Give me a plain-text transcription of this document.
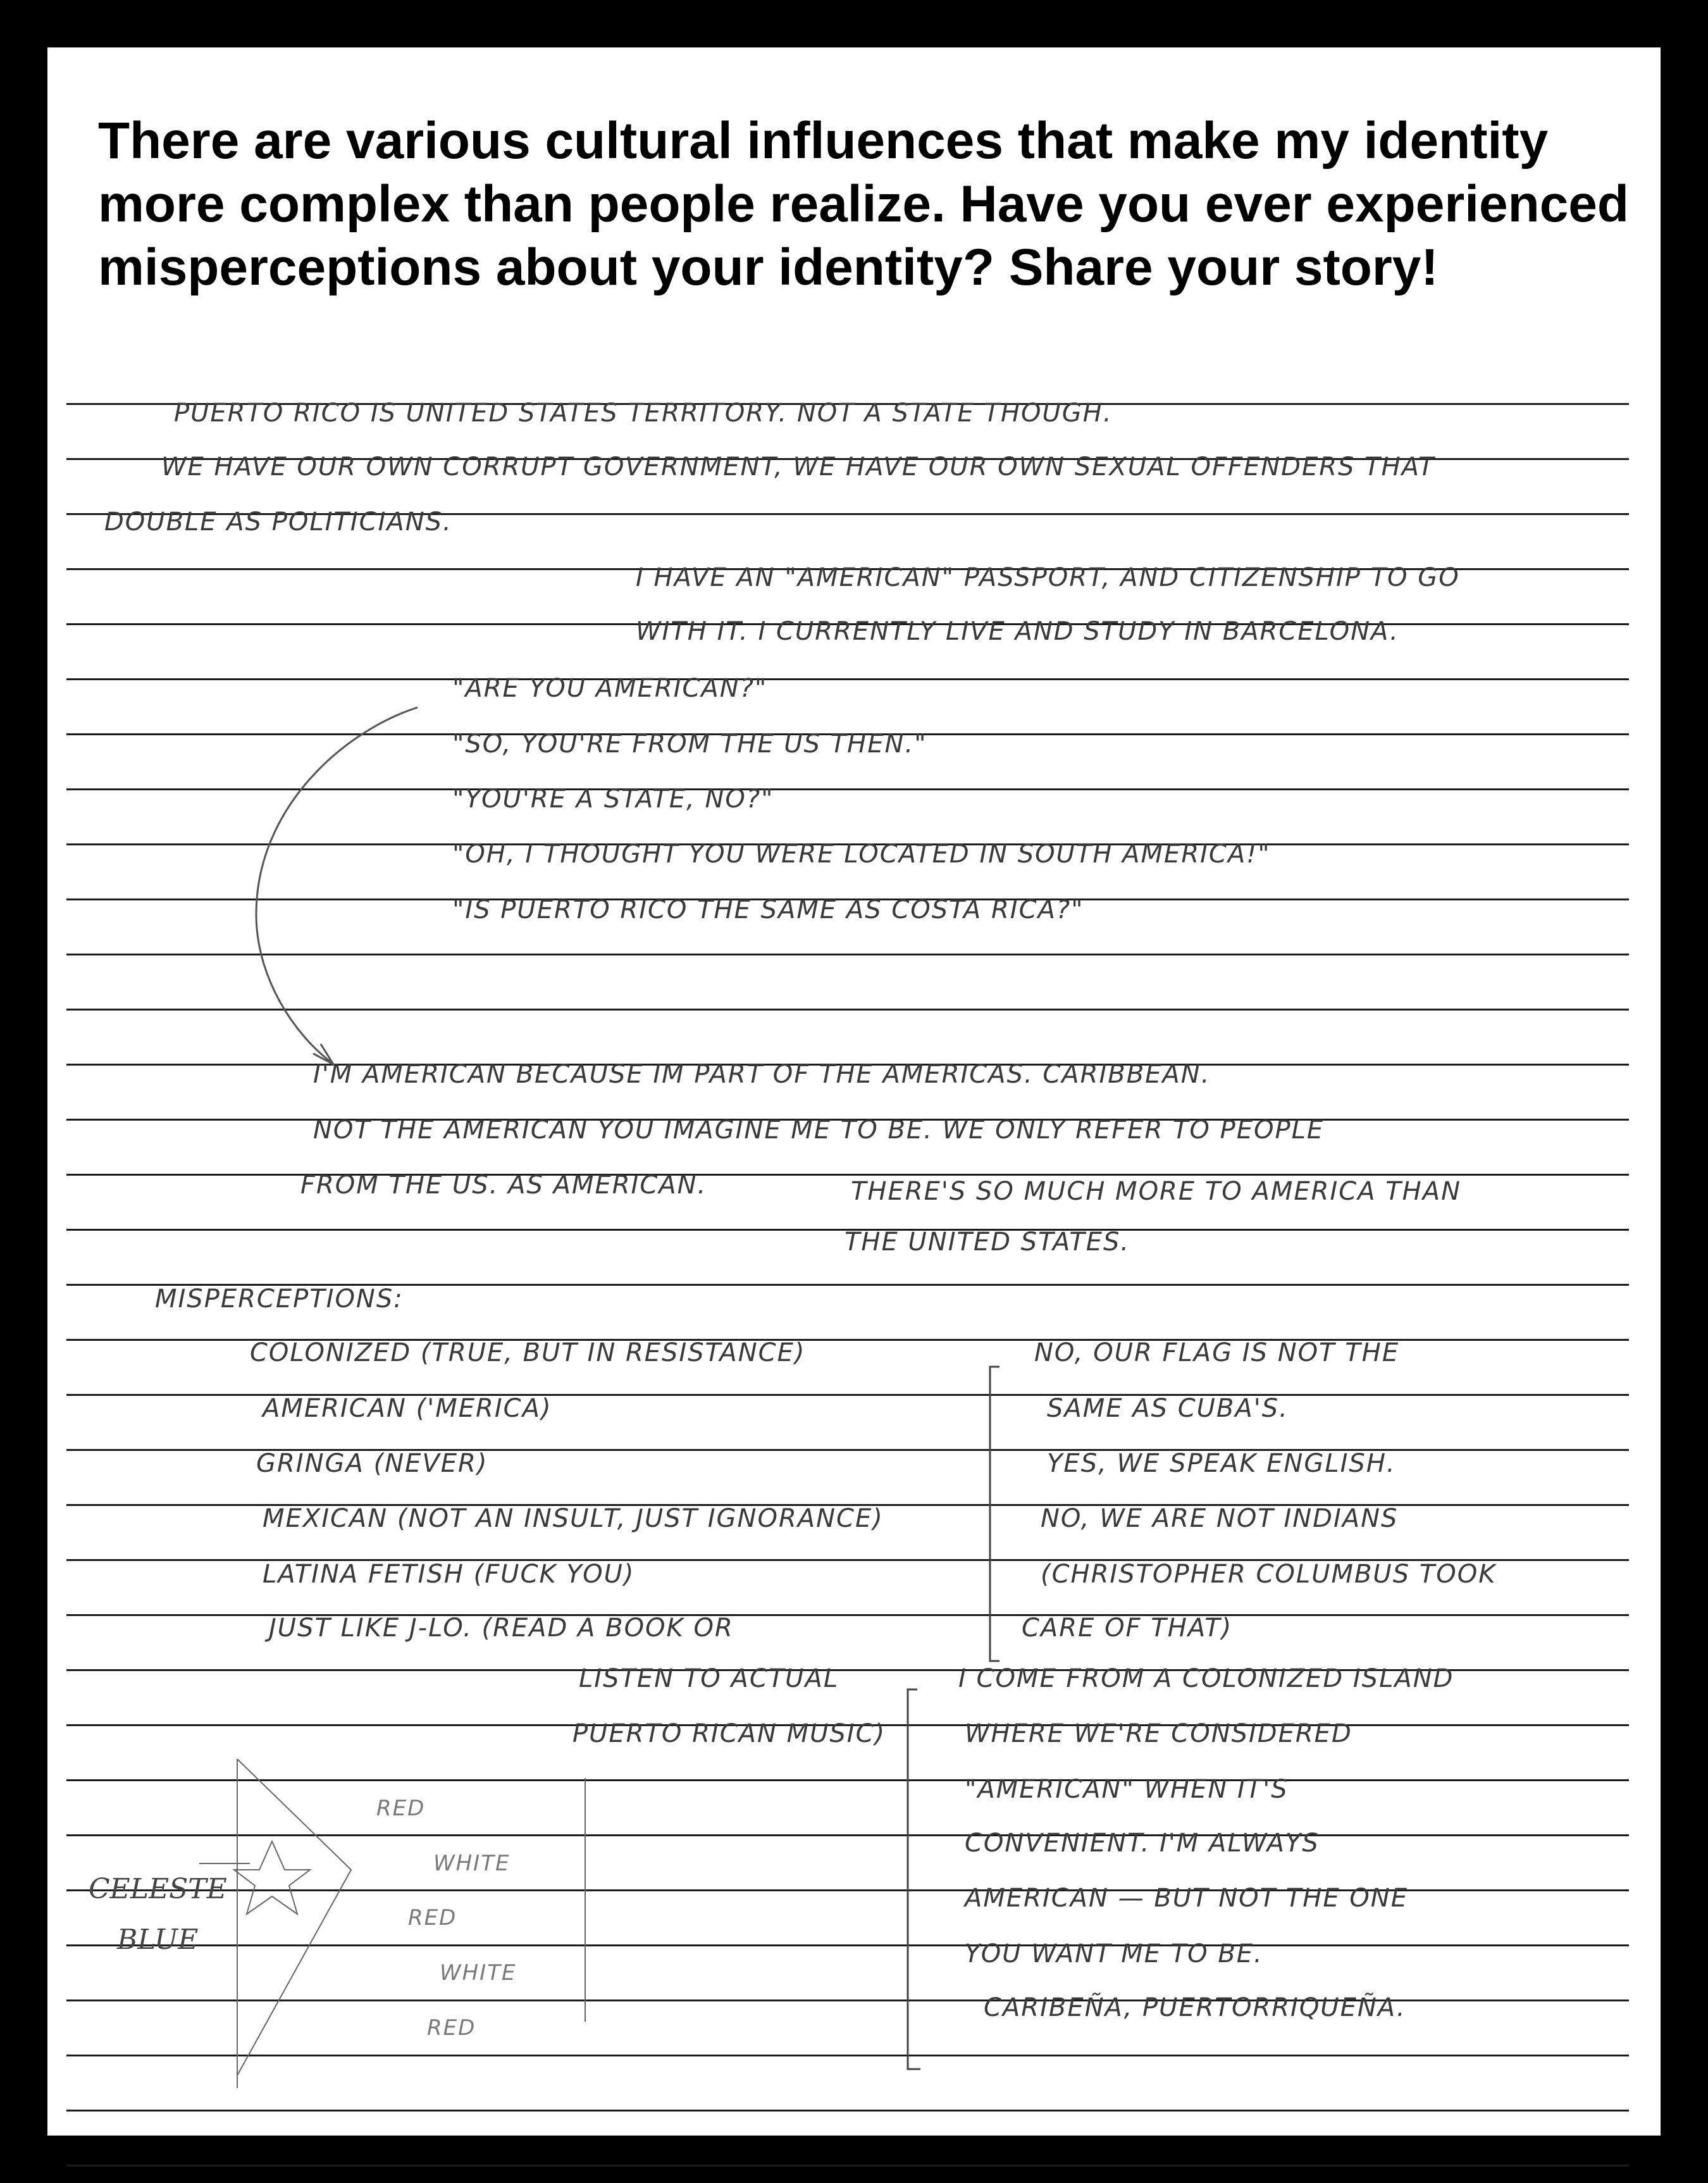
There are various cultural influences that make my identity more complex than people realize. Have you ever experienced misperceptions about your identity? Share your story!
PUERTO RICO IS UNITED STATES TERRITORY. NOT A STATE THOUGH.
WE HAVE OUR OWN CORRUPT GOVERNMENT, WE HAVE OUR OWN SEXUAL OFFENDERS THAT
DOUBLE AS POLITICIANS.
I HAVE AN "AMERICAN" PASSPORT, AND CITIZENSHIP TO GO
WITH IT. I CURRENTLY LIVE AND STUDY IN BARCELONA.
"ARE YOU AMERICAN?"
"SO, YOU'RE FROM THE US THEN."
"YOU'RE A STATE, NO?"
"OH, I THOUGHT YOU WERE LOCATED IN SOUTH AMERICA!"
"IS PUERTO RICO THE SAME AS COSTA RICA?"
I'M AMERICAN BECAUSE IM PART OF THE AMERICAS. CARIBBEAN.
NOT THE AMERICAN YOU IMAGINE ME TO BE. WE ONLY REFER TO PEOPLE
FROM THE US. AS AMERICAN.	THERE'S SO MUCH MORE TO AMERICA THAN
THE UNITED STATES.
MISPERCEPTIONS:
COLONIZED (TRUE, BUT IN RESISTANCE)
AMERICAN ('MERICA)
GRINGA (NEVER)
MEXICAN (NOT AN INSULT, JUST IGNORANCE)
LATINA FETISH (FUCK YOU)
JUST LIKE J-LO. (READ A BOOK OR
LISTEN TO ACTUAL
PUERTO RICAN MUSIC)
NO, OUR FLAG IS NOT THE
SAME AS CUBA'S.
YES, WE SPEAK ENGLISH.
NO, WE ARE NOT INDIANS
(CHRISTOPHER COLUMBUS TOOK
CARE OF THAT)
I COME FROM A COLONIZED ISLAND
WHERE WE'RE CONSIDERED
"AMERICAN" WHEN IT'S
CONVENIENT. I'M ALWAYS
AMERICAN — BUT NOT THE ONE
YOU WANT ME TO BE.
CARIBEÑA, PUERTORRIQUEÑA.
RED
WHITE
RED
WHITE
RED
CELESTE
BLUE
